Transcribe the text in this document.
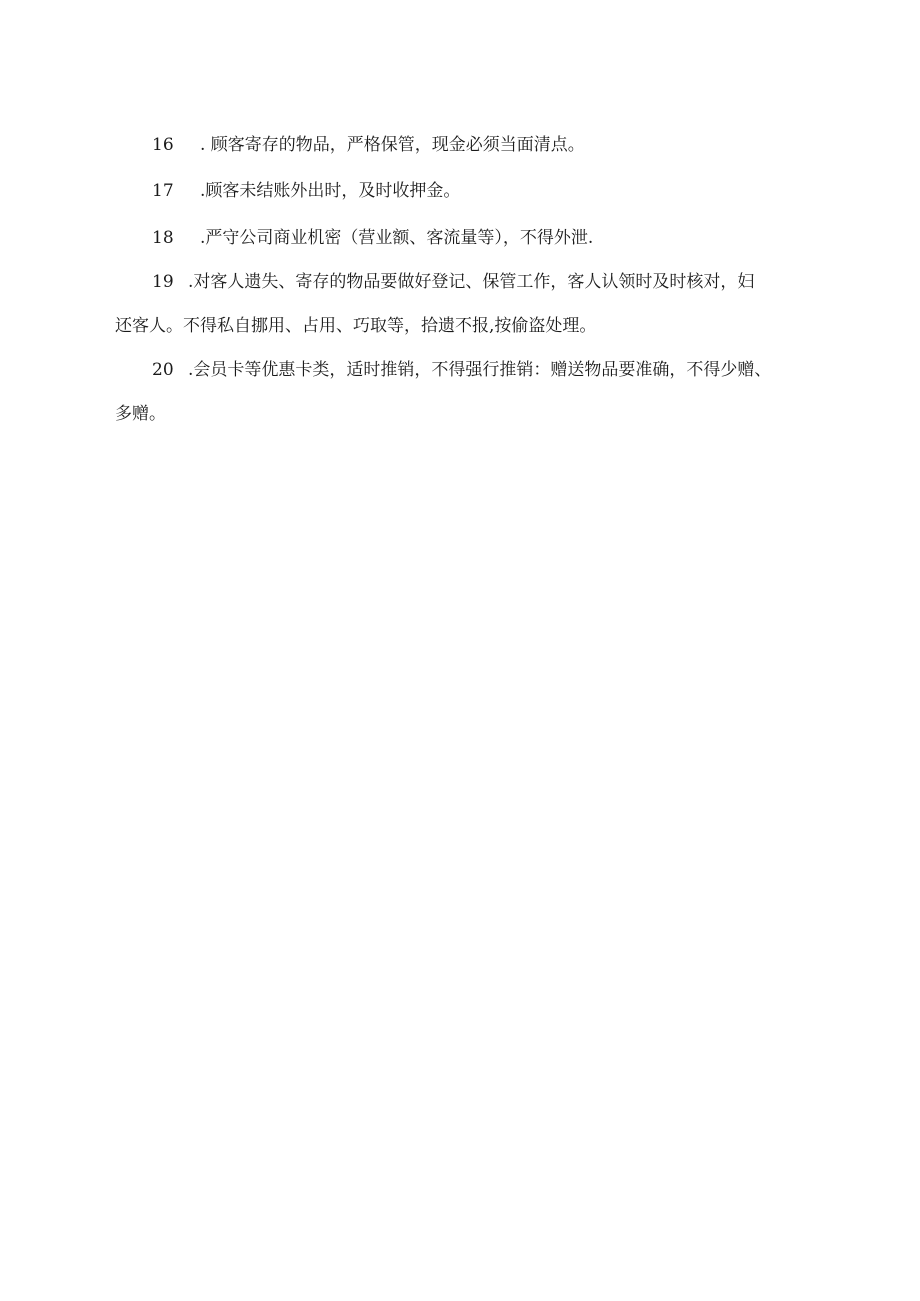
16 . 顾客寄存的物品，严格保管，现金必须当面清点。

17 .顾客未结账外出时，及时收押金。

18 .严守公司商业机密（营业额、客流量等），不得外泄.

19 .对客人遗失、寄存的物品要做好登记、保管工作，客人认领时及时核对，妇

还客人。不得私自挪用、占用、巧取等，拾遗不报,按偷盗处理。

20 .会员卡等优惠卡类，适时推销，不得强行推销：赠送物品要准确，不得少赠、

多赠。
